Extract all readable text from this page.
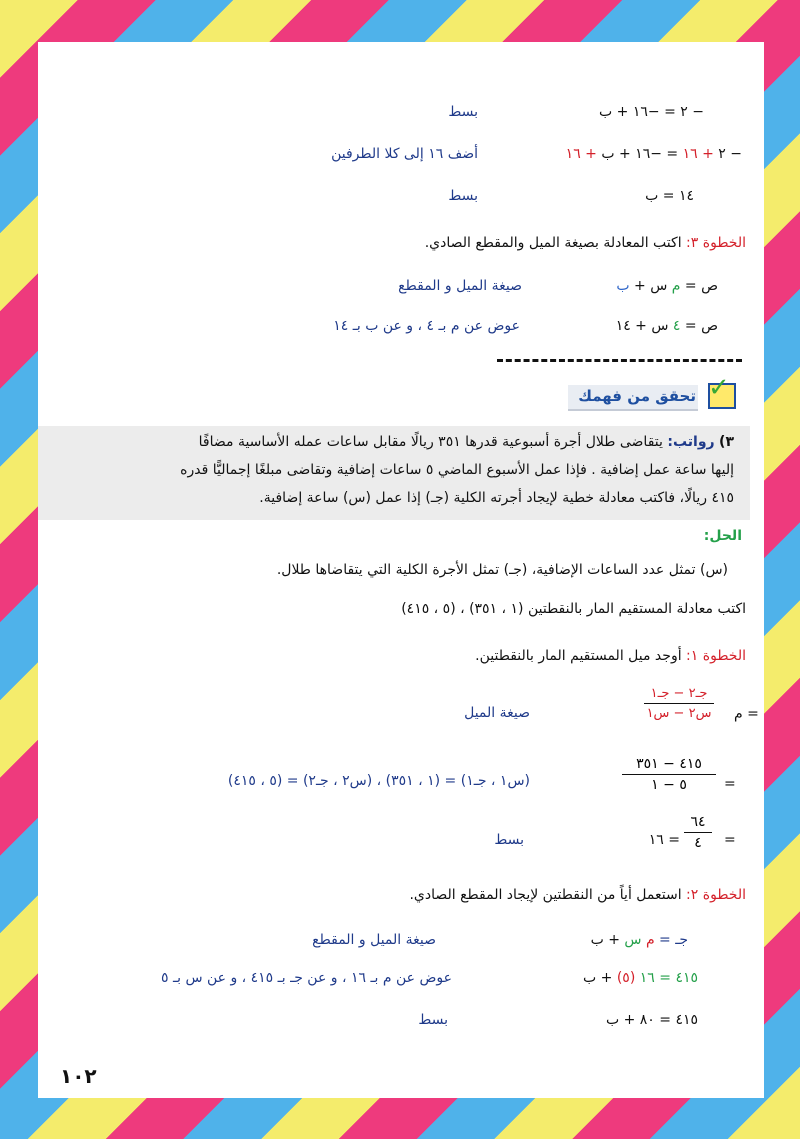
− ٢ = −١٦ + ب
بسط
− ٢ + ١٦ = −١٦ + ب + ١٦
أضف ١٦ إلى كلا الطرفين
١٤ = ب
بسط
الخطوة ٣: اكتب المعادلة بصيغة الميل والمقطع الصادي.
ص = م س + ب
صيغة الميل و المقطع
ص = ٤ س + ١٤
عوض عن م بـ ٤ ، و عن ب بـ ١٤
✓
تحقق من فهمك
٣) رواتب: يتقاضى طلال أجرة أسبوعية قدرها ٣٥١ ريالًا مقابل ساعات عمله الأساسية مضافًا
إليها ساعة عمل إضافية . فإذا عمل الأسبوع الماضي ٥ ساعات إضافية وتقاضى مبلغًا إجماليًّا قدره
٤١٥ ريالًا، فاكتب معادلة خطية لإيجاد أجرته الكلية (جـ) إذا عمل (س) ساعة إضافية.
الحل:
(س) تمثل عدد الساعات الإضافية، (جـ) تمثل الأجرة الكلية التي يتقاضاها طلال.
اكتب معادلة المستقيم المار بالنقطتين (١ ، ٣٥١) ، (٥ ، ٤١٥)
الخطوة ١: أوجد ميل المستقيم المار بالنقطتين.
م =
جـ٢ − جـ١
س٢ − س١
صيغة الميل
=
٤١٥ − ٣٥١
٥ − ١
(س١ ، جـ١) = (١ ، ٣٥١) ، (س٢ ، جـ٢) = (٥ ، ٤١٥)
=
٦٤
٤
= ١٦
بسط
الخطوة ٢: استعمل أياً من النقطتين لإيجاد المقطع الصادي.
جـ = م س + ب
صيغة الميل و المقطع
٤١٥ = ١٦ (٥) + ب
عوض عن م بـ ١٦ ، و عن جـ بـ ٤١٥ ، و عن س بـ ٥
٤١٥ = ٨٠ + ب
بسط
١٠٢
